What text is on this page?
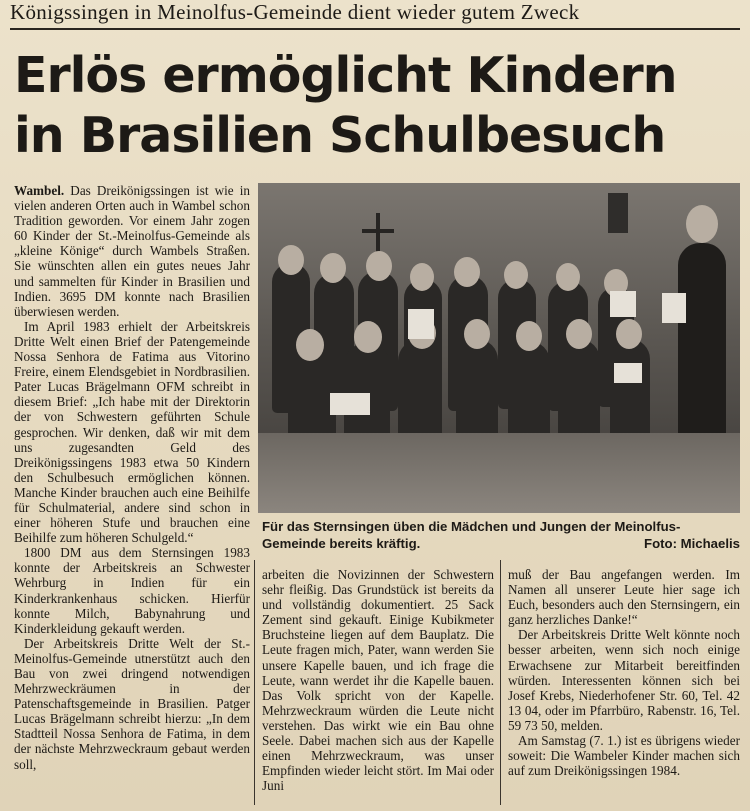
Königssingen in Meinolfus-Gemeinde dient wieder gutem Zweck
Erlös ermöglicht Kindern
in Brasilien Schulbesuch

Wambel. Das Dreikönigssingen ist wie in vielen anderen Orten auch in Wambel schon Tradition geworden. Vor einem Jahr zogen 60 Kinder der St.-Meinolfus-Gemeinde als „kleine Könige“ durch Wambels Straßen. Sie wünschten allen ein gutes neues Jahr und sammelten für Kinder in Brasilien und Indien. 3695 DM konnte nach Brasilien überwiesen werden.

Im April 1983 erhielt der Arbeitskreis Dritte Welt einen Brief der Patengemeinde Nossa Senhora de Fatima aus Vitorino Freire, einem Elendsgebiet in Nordbrasilien. Pater Lucas Brägelmann OFM schreibt in diesem Brief: „Ich habe mit der Direktorin der von Schwestern geführten Schule gesprochen. Wir denken, daß wir mit dem uns zugesandten Geld des Dreikönigssingens 1983 etwa 50 Kindern den Schulbesuch ermöglichen können. Manche Kinder brauchen auch eine Beihilfe für Schulmaterial, andere sind schon in einer höheren Stufe und brauchen eine Beihilfe zum höheren Schulgeld.“

1800 DM aus dem Sternsingen 1983 konnte der Arbeitskreis an Schwester Wehrburg in Indien für ein Kinderkrankenhaus schicken. Hierfür konnte Milch, Babynahrung und Kinderkleidung gekauft werden.

Der Arbeitskreis Dritte Welt der St.-Meinolfus-Gemeinde utnerstützt auch den Bau von zwei dringend notwendigen Mehrzweckräumen in der Patenschaftsgemeinde in Brasilien. Patger Lucas Brägelmann schreibt hierzu: „In dem Stadtteil Nossa Senhora de Fatima, in dem der nächste Mehrzweckraum gebaut werden soll,

Für das Sternsingen üben die Mädchen und Jungen der Meinolfus-Gemeinde bereits kräftig.	Foto: Michaelis

arbeiten die Novizinnen der Schwestern sehr fleißig. Das Grundstück ist bereits da und vollständig dokumentiert. 25 Sack Zement sind gekauft. Einige Kubikmeter Bruchsteine liegen auf dem Bauplatz. Die Leute fragen mich, Pater, wann werden Sie unsere Kapelle bauen, und ich frage die Leute, wann werdet ihr die Kapelle bauen. Das Volk spricht von der Kapelle. Mehrzweckraum würden die Leute nicht verstehen. Das wirkt wie ein Bau ohne Seele. Dabei machen sich aus der Kapelle einen Mehrzweckraum, was unser Empfinden wieder leicht stört. Im Mai oder Juni

muß der Bau angefangen werden. Im Namen all unserer Leute hier sage ich Euch, besonders auch den Sternsingern, ein ganz herzliches Danke!“

Der Arbeitskreis Dritte Welt könnte noch besser arbeiten, wenn sich noch einige Erwachsene zur Mitarbeit bereitfinden würden. Interessenten können sich bei Josef Krebs, Niederhofener Str. 60, Tel. 42 13 04, oder im Pfarrbüro, Rabenstr. 16, Tel. 59 73 50, melden.

Am Samstag (7. 1.) ist es übrigens wieder soweit: Die Wambeler Kinder machen sich auf zum Dreikönigssingen 1984.
